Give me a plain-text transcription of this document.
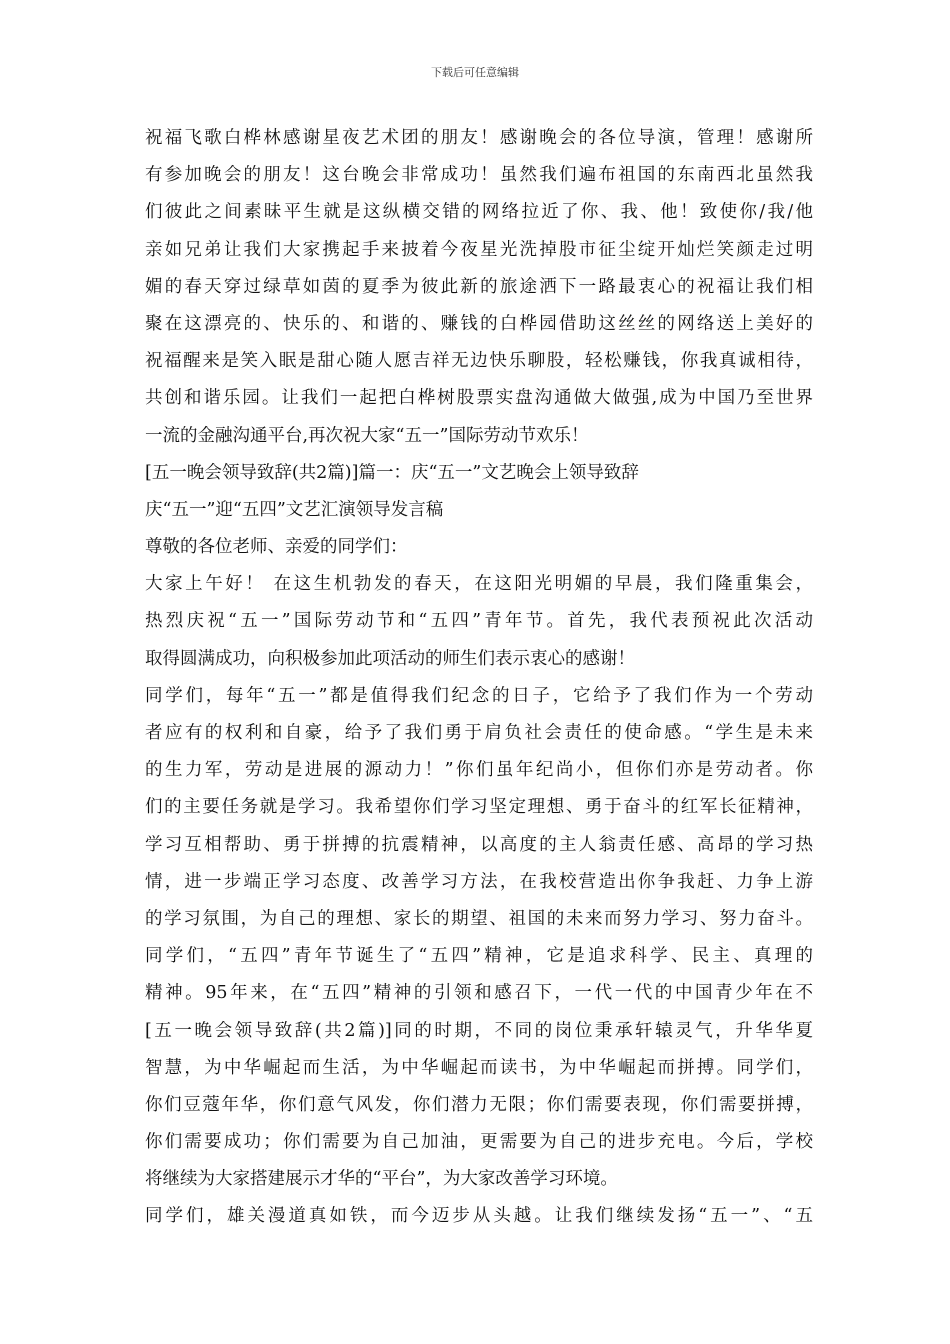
下载后可任意编辑
祝福飞歌白桦林感谢星夜艺术团的朋友！感谢晚会的各位导演，管理！感谢所
有参加晚会的朋友！这台晚会非常成功！虽然我们遍布祖国的东南西北虽然我
们彼此之间素昧平生就是这纵横交错的网络拉近了你、我、他！致使你/我/他
亲如兄弟让我们大家携起手来披着今夜星光洗掉股市征尘绽开灿烂笑颜走过明
媚的春天穿过绿草如茵的夏季为彼此新的旅途洒下一路最衷心的祝福让我们相
聚在这漂亮的、快乐的、和谐的、赚钱的白桦园借助这丝丝的网络送上美好的
祝福醒来是笑入眠是甜心随人愿吉祥无边快乐聊股，轻松赚钱，你我真诚相待，
共创和谐乐园。让我们一起把白桦树股票实盘沟通做大做强,成为中国乃至世界
一流的金融沟通平台,再次祝大家“五一”国际劳动节欢乐！
[五一晚会领导致辞(共2篇)]篇一：庆“五一”文艺晚会上领导致辞
庆“五一”迎“五四”文艺汇演领导发言稿
尊敬的各位老师、亲爱的同学们：
大家上午好！ 在这生机勃发的春天，在这阳光明媚的早晨，我们隆重集会，
热烈庆祝“五一”国际劳动节和“五四”青年节。首先，我代表预祝此次活动
取得圆满成功，向积极参加此项活动的师生们表示衷心的感谢！
同学们，每年“五一”都是值得我们纪念的日子，它给予了我们作为一个劳动
者应有的权利和自豪，给予了我们勇于肩负社会责任的使命感。“学生是未来
的生力军，劳动是进展的源动力！”你们虽年纪尚小，但你们亦是劳动者。你
们的主要任务就是学习。我希望你们学习坚定理想、勇于奋斗的红军长征精神，
学习互相帮助、勇于拼搏的抗震精神，以高度的主人翁责任感、高昂的学习热
情，进一步端正学习态度、改善学习方法，在我校营造出你争我赶、力争上游
的学习氛围，为自己的理想、家长的期望、祖国的未来而努力学习、努力奋斗。
同学们，“五四”青年节诞生了“五四”精神，它是追求科学、民主、真理的
精神。95年来，在“五四”精神的引领和感召下，一代一代的中国青少年在不
[五一晚会领导致辞(共2篇)]同的时期，不同的岗位秉承轩辕灵气，升华华夏
智慧，为中华崛起而生活，为中华崛起而读书，为中华崛起而拼搏。同学们，
你们豆蔻年华，你们意气风发，你们潜力无限；你们需要表现，你们需要拼搏，
你们需要成功；你们需要为自己加油，更需要为自己的进步充电。今后，学校
将继续为大家搭建展示才华的“平台”，为大家改善学习环境。
同学们，雄关漫道真如铁，而今迈步从头越。让我们继续发扬“五一”、“五
